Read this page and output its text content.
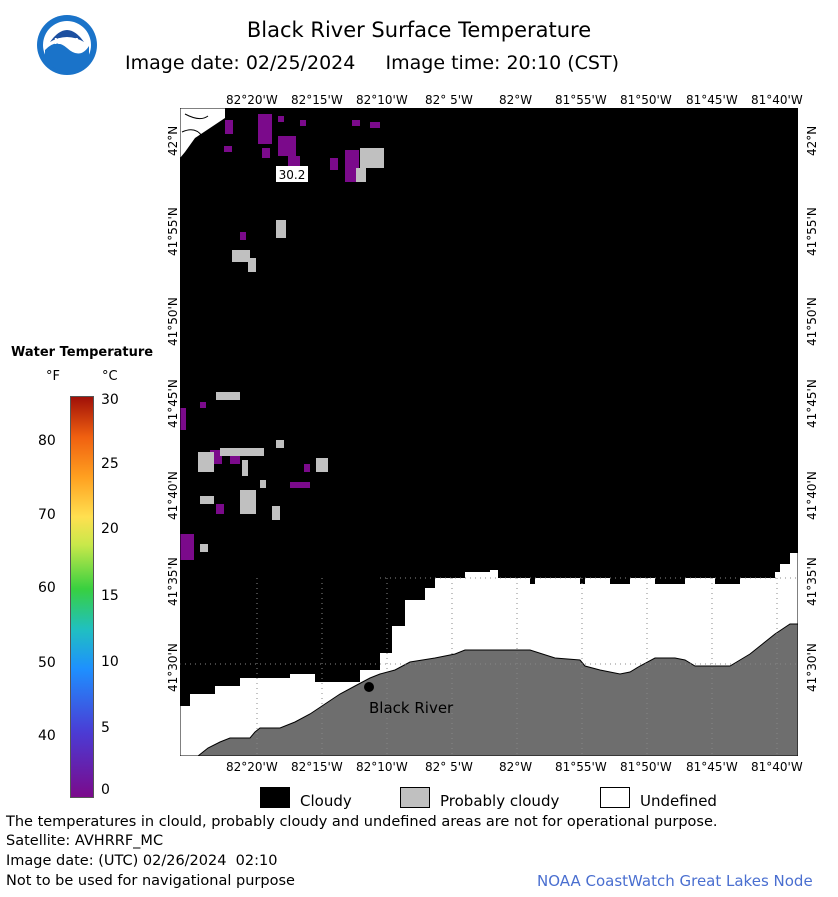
NOAA	Black River Surface Temperature
Image date: 02/25/2024 Image time: 20:10 (CST)
82°20'W 82°15'W 82°10'W 82° 5'W 82°W 81°55'W 81°50'W 81°45'W 81°40'W
82°20'W 82°15'W 82°10'W 82° 5'W 82°W 81°55'W 81°50'W 81°45'W 81°40'W
42°N
41°55'N
41°50'N
41°45'N
41°40'N
41°35'N
41°30'N
42°N
41°55'N
41°50'N
41°45'N
41°40'N
41°35'N
41°30'N
30.2
Black River
Water Temperature
°F	°C
80
70
60
50
40
30
25
20
15
10
5
0
Cloudy	Probably cloudy	Undefined
The temperatures in clould, probably cloudy and undefined areas are not for operational purpose.
Satellite: AVHRRF_MC
Image date: (UTC) 02/26/2024  02:10
Not to be used for navigational purpose	NOAA CoastWatch Great Lakes Node
